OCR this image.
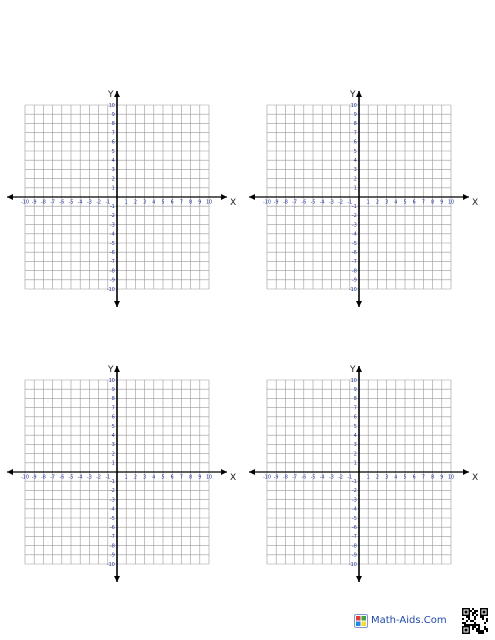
X
Y
-10 -9 -8 -7 -6 -5 -4 -3 -2 -1	1 2 3 4 5 6 7 8 9 10
-10
-9
-8
-7
-6
-5
-4
-3
-2
-1
1
2
3
4
5
6
7
8
9
10
X
Y
-10 -9 -8 -7 -6 -5 -4 -3 -2 -1	1 2 3 4 5 6 7 8 9 10
-10
-9
-8
-7
-6
-5
-4
-3
-2
-1
1
2
3
4
5
6
7
8
9
10
X
Y
-10 -9 -8 -7 -6 -5 -4 -3 -2 -1	1 2 3 4 5 6 7 8 9 10
-10
-9
-8
-7
-6
-5
-4
-3
-2
-1
1
2
3
4
5
6
7
8
9
10
X
Y
-10 -9 -8 -7 -6 -5 -4 -3 -2 -1	1 2 3 4 5 6 7 8 9 10
-10
-9
-8
-7
-6
-5
-4
-3
-2
-1
1
2
3
4
5
6
7
8
9
10
Math-Aids.Com
